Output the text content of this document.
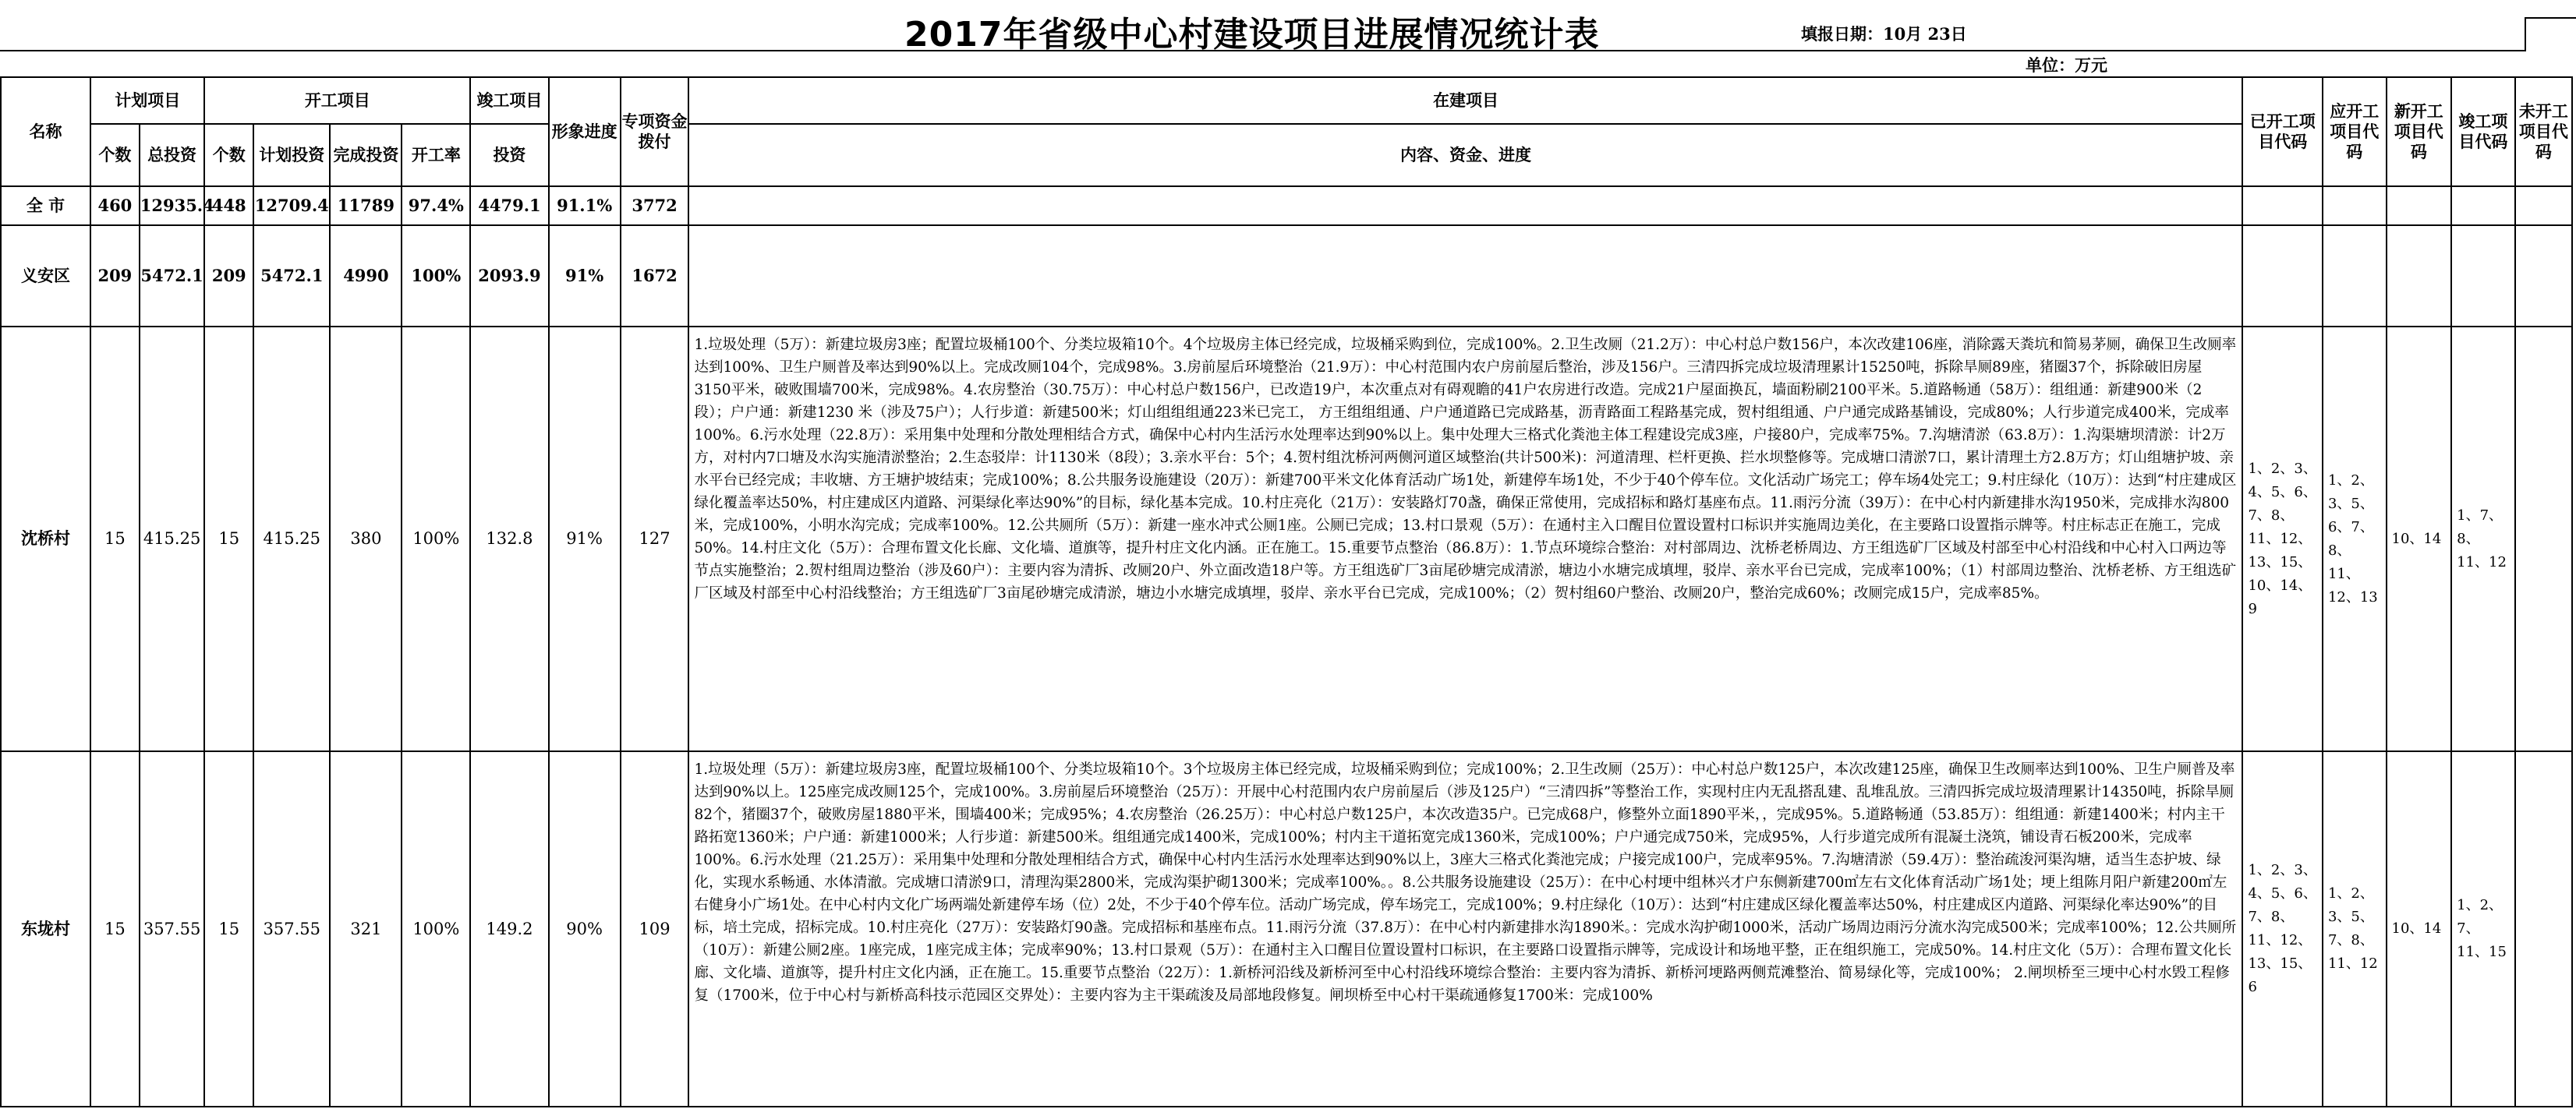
2017年省级中心村建设项目进展情况统计表	填报日期：10月 23日
单位：万元
名称	计划项目		开工项目				竣工项目	形象进度	专项资金拨付	在建项目	已开工项目代码	应开工项目代码	新开工项目代码	竣工项目代码	未开工项目代码
	个数	总投资	个数	计划投资	完成投资	开工率	投资			内容、资金、进度					
全 市	460	12935.4	448	12709.4	11789	97.4%	4479.1	91.1%	3772						
义安区	209	5472.1	209	5472.1	4990	100%	2093.9	91%	1672						
沈桥村	15	415.25	15	415.25	380	100%	132.8	91%	127	1.垃圾处理（5万）：新建垃圾房3座；配置垃圾桶100个、分类垃圾箱10个。4个垃圾房主体已经完成，垃圾桶采购到位，完成100%。2.卫生改厕（21.2万）：中心村总户数156户，本次改建106座，消除露天粪坑和简易茅厕，确保卫生改厕率达到100%、卫生户厕普及率达到90%以上。完成改厕104个，完成98%。3.房前屋后环境整治（21.9万）：中心村范围内农户房前屋后整治，涉及156户。三清四拆完成垃圾清理累计15250吨，拆除旱厕89座，猪圈37个，拆除破旧房屋3150平米，破败围墙700米，完成98%。4.农房整治（30.75万）：中心村总户数156户，已改造19户，本次重点对有碍观瞻的41户农房进行改造。完成21户屋面换瓦，墙面粉刷2100平米。5.道路畅通（58万）：组组通：新建900米（2段）；户户通：新建1230 米（涉及75户）；人行步道：新建500米；灯山组组组通223米已完工， 方王组组组通、户户通道路已完成路基，沥青路面工程路基完成，贺村组组通、户户通完成路基铺设，完成80%；人行步道完成400米，完成率100%。6.污水处理（22.8万）：采用集中处理和分散处理相结合方式，确保中心村内生活污水处理率达到90%以上。集中处理大三格式化粪池主体工程建设完成3座，户接80户，完成率75%。7.沟塘清淤（63.8万）：1.沟渠塘坝清淤：计2万方，对村内7口塘及水沟实施清淤整治；2.生态驳岸：计1130米（8段）；3.亲水平台：5个；4.贺村组沈桥河两侧河道区域整治(共计500米)：河道清理、栏杆更换、拦水坝整修等。完成塘口清淤7口，累计清理土方2.8万方；灯山组塘护坡、亲水平台已经完成；丰收塘、方王塘护坡结束；完成100%；8.公共服务设施建设（20万）：新建700平米文化体育活动广场1处，新建停车场1处，不少于40个停车位。文化活动广场完工；停车场4处完工；9.村庄绿化（10万）：达到“村庄建成区绿化覆盖率达50%，村庄建成区内道路、河渠绿化率达90%”的目标，绿化基本完成。10.村庄亮化（21万）：安装路灯70盏，确保正常使用，完成招标和路灯基座布点。11.雨污分流（39万）：在中心村内新建排水沟1950米，完成排水沟800米，完成100%，小明水沟完成；完成率100%。12.公共厕所（5万）：新建一座水冲式公厕1座。公厕已完成；13.村口景观（5万）：在通村主入口醒目位置设置村口标识并实施周边美化，在主要路口设置指示牌等。村庄标志正在施工，完成50%。14.村庄文化（5万）：合理布置文化长廊、文化墙、道旗等，提升村庄文化内涵。正在施工。15.重要节点整治（86.8万）：1.节点环境综合整治：对村部周边、沈桥老桥周边、方王组选矿厂区域及村部至中心村沿线和中心村入口两边等节点实施整治；2.贺村组周边整治（涉及60户）：主要内容为清拆、改厕20户、外立面改造18户等。方王组选矿厂3亩尾砂塘完成清淤，塘边小水塘完成填埋，驳岸、亲水平台已完成，完成率100%；（1）村部周边整治、沈桥老桥、方王组选矿厂区域及村部至中心村沿线整治；方王组选矿厂3亩尾砂塘完成清淤，塘边小水塘完成填埋，驳岸、亲水平台已完成，完成100%；（2）贺村组60户整治、改厕20户，整治完成60%；改厕完成15户，完成率85%。	1、2、3、4、5、6、7、8、11、12、13、15、10、14、9	1、2、3、5、6、7、8、11、12、13	10、14	1、7、8、11、12	
东垅村	15	357.55	15	357.55	321	100%	149.2	90%	109	1.垃圾处理（5万）：新建垃圾房3座，配置垃圾桶100个、分类垃圾箱10个。3个垃圾房主体已经完成，垃圾桶采购到位；完成100%；2.卫生改厕（25万）：中心村总户数125户，本次改建125座，确保卫生改厕率达到100%、卫生户厕普及率达到90%以上。125座完成改厕125个，完成100%。3.房前屋后环境整治（25万）：开展中心村范围内农户房前屋后（涉及125户）“三清四拆”等整治工作，实现村庄内无乱搭乱建、乱堆乱放。三清四拆完成垃圾清理累计14350吨，拆除旱厕82个，猪圈37个，破败房屋1880平米，围墙400米；完成95%；4.农房整治（26.25万）：中心村总户数125户，本次改造35户。已完成68户，修整外立面1890平米，，完成95%。5.道路畅通（53.85万）：组组通：新建1400米；村内主干路拓宽1360米；户户通：新建1000米；人行步道：新建500米。组组通完成1400米，完成100%；村内主干道拓宽完成1360米，完成100%；户户通完成750米，完成95%，人行步道完成所有混凝土浇筑，铺设青石板200米，完成率100%。6.污水处理（21.25万）：采用集中处理和分散处理相结合方式，确保中心村内生活污水处理率达到90%以上，3座大三格式化粪池完成；户接完成100户，完成率95%。7.沟塘清淤（59.4万）：整治疏浚河渠沟塘，适当生态护坡、绿化，实现水系畅通、水体清澈。完成塘口清淤9口，清理沟渠2800米，完成沟渠护砌1300米；完成率100%。。8.公共服务设施建设（25万）：在中心村埂中组林兴才户东侧新建700㎡左右文化体育活动广场1处；埂上组陈月阳户新建200㎡左右健身小广场1处。在中心村内文化广场两端处新建停车场（位）2处，不少于40个停车位。活动广场完成，停车场完工，完成100%；9.村庄绿化（10万）：达到“村庄建成区绿化覆盖率达50%，村庄建成区内道路、河渠绿化率达90%”的目标，培土完成，招标完成。10.村庄亮化（27万）：安装路灯90盏。完成招标和基座布点。11.雨污分流（37.8万）：在中心村内新建排水沟1890米。：完成水沟护砌1000米，活动广场周边雨污分流水沟完成500米；完成率100%；12.公共厕所（10万）：新建公厕2座。1座完成，1座完成主体；完成率90%；13.村口景观（5万）：在通村主入口醒目位置设置村口标识，在主要路口设置指示牌等，完成设计和场地平整，正在组织施工，完成50%。14.村庄文化（5万）：合理布置文化长廊、文化墙、道旗等，提升村庄文化内涵，正在施工。15.重要节点整治（22万）：1.新桥河沿线及新桥河至中心村沿线环境综合整治：主要内容为清拆、新桥河埂路两侧荒滩整治、简易绿化等，完成100%； 2.闸坝桥至三埂中心村水毁工程修复（1700米，位于中心村与新桥高科技示范园区交界处）：主要内容为主干渠疏浚及局部地段修复。闸坝桥至中心村干渠疏通修复1700米：完成100%	1、2、3、4、5、6、7、8、11、12、13、15、6	1、2、3、5、7、8、11、12	10、14	1、2、7、11、15	
